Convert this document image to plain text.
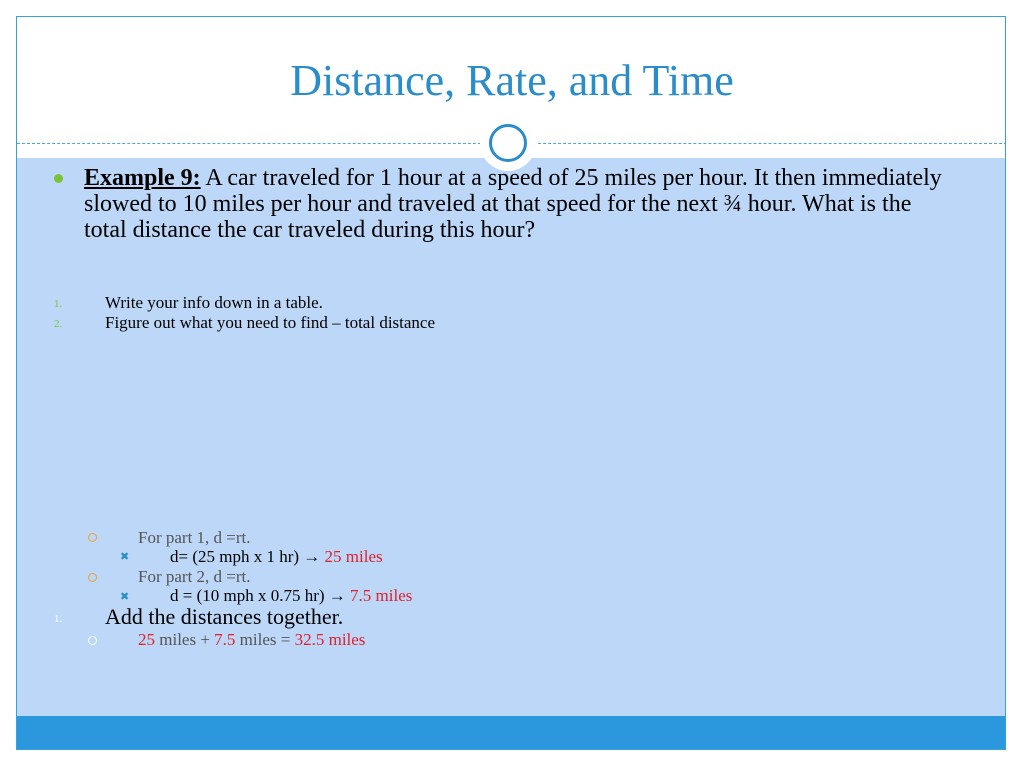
Distance, Rate, and Time
Example 9: A car traveled for 1 hour at a speed of 25 miles per hour. It then immediately slowed to 10 miles per hour and traveled at that speed for the next ¾ hour. What is the total distance the car traveled during this hour?
1.	Write your info down in a table.
2.	Figure out what you need to find – total distance
For part 1, d =rt.
✖ d= (25 mph x 1 hr) → 25 miles
For part 2, d =rt.
✖ d = (10 mph x 0.75 hr) → 7.5 miles
1. Add the distances together.
25 miles + 7.5 miles = 32.5 miles
